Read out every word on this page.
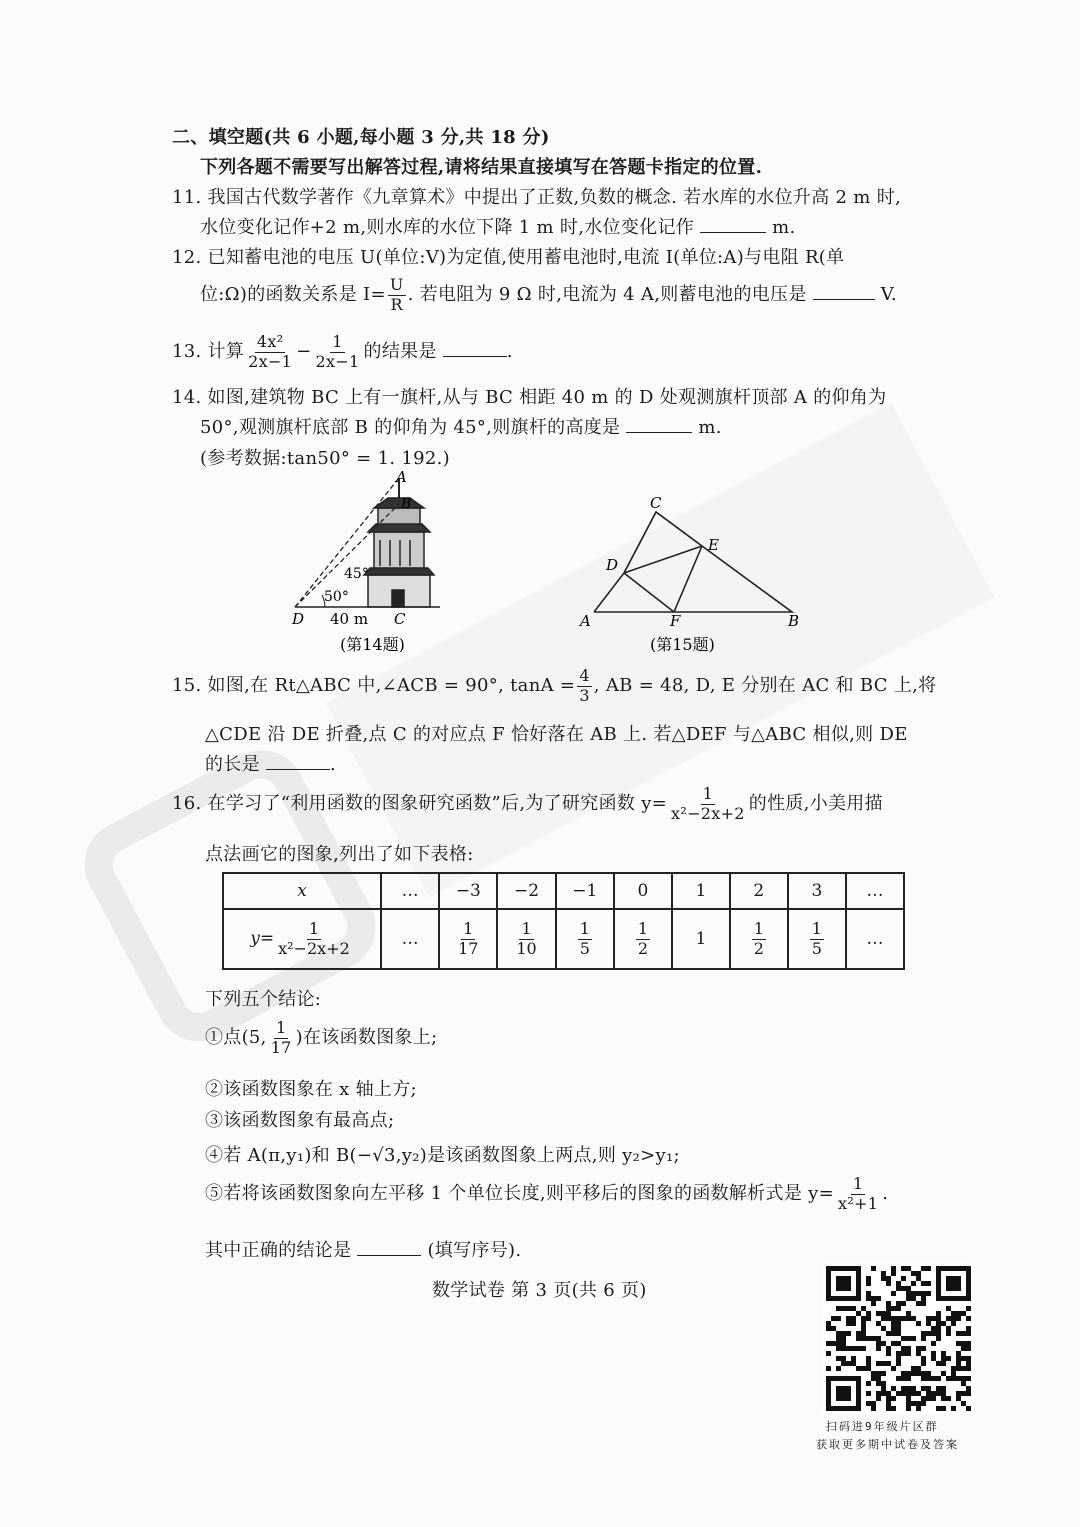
二、填空题(共 6 小题,每小题 3 分,共 18 分)
下列各题不需要写出解答过程,请将结果直接填写在答题卡指定的位置.
11. 我国古代数学著作《九章算术》中提出了正数,负数的概念. 若水库的水位升高 2 m 时,
水位变化记作+2 m,则水库的水位下降 1 m 时,水位变化记作	m.
12. 已知蓄电池的电压 U(单位:V)为定值,使用蓄电池时,电流 I(单位:A)与电阻 R(单
位:Ω)的函数关系是 $I= \frac{U}{R}$ . 若电阻为 9 Ω 时,电流为 4 A,则蓄电池的电压是	V.
13. 计算 $\frac{\text{4x²}}{2x-1} - \frac{1}{2x-1}$ 的结果是	.
14. 如图,建筑物 BC 上有一旗杆,从与 BC 相距 40 m 的 D 处观测旗杆顶部 A 的仰角为
50°,观测旗杆底部 B 的仰角为 45°,则旗杆的高度是	m.
(参考数据:tan50° = 1. 192.)
A
B
45°
50°
D 40 m C
(第14题)
C
E
D
A	F	B
(第15题)
15. 如图,在 Rt△ABC 中,∠ACB = 90°, $\tan A = \frac{4}{3}$ , AB = 48, D, E 分别在 AC 和 BC 上,将
△CDE 沿 DE 折叠,点 C 的对应点 F 恰好落在 AB 上. 若△DEF 与△ABC 相似,则 DE
的长是	.
16. 在学习了“利用函数的图象研究函数”后,为了研究函数 $y= \frac{1}{\text{x²−2x+2}}$ 的性质,小美用描
点法画它的图象,列出了如下表格:
x	…	−3	−2	−1	0	1	2	3	…
$y= \frac{1}{\text{x²−2x+2}}$	…	$\frac{1}{17}$	$\frac{1}{10}$	$\frac{1}{5}$	$\frac{1}{2}$	1	$\frac{1}{2}$	$\frac{1}{5}$	…
下列五个结论:
①点(5, $\frac{1}{17}$ )在该函数图象上;
②该函数图象在 x 轴上方;
③该函数图象有最高点;
④若 A(π,y₁)和 B(−√3,y₂)是该函数图象上两点,则 y₂>y₁;
⑤若将该函数图象向左平移 1 个单位长度,则平移后的图象的函数解析式是 $y= \frac{1}{\text{x²+1}}$ .
其中正确的结论是	(填写序号).
数学试卷 第 3 页(共 6 页)
扫码进9年级片区群
获取更多期中试卷及答案
